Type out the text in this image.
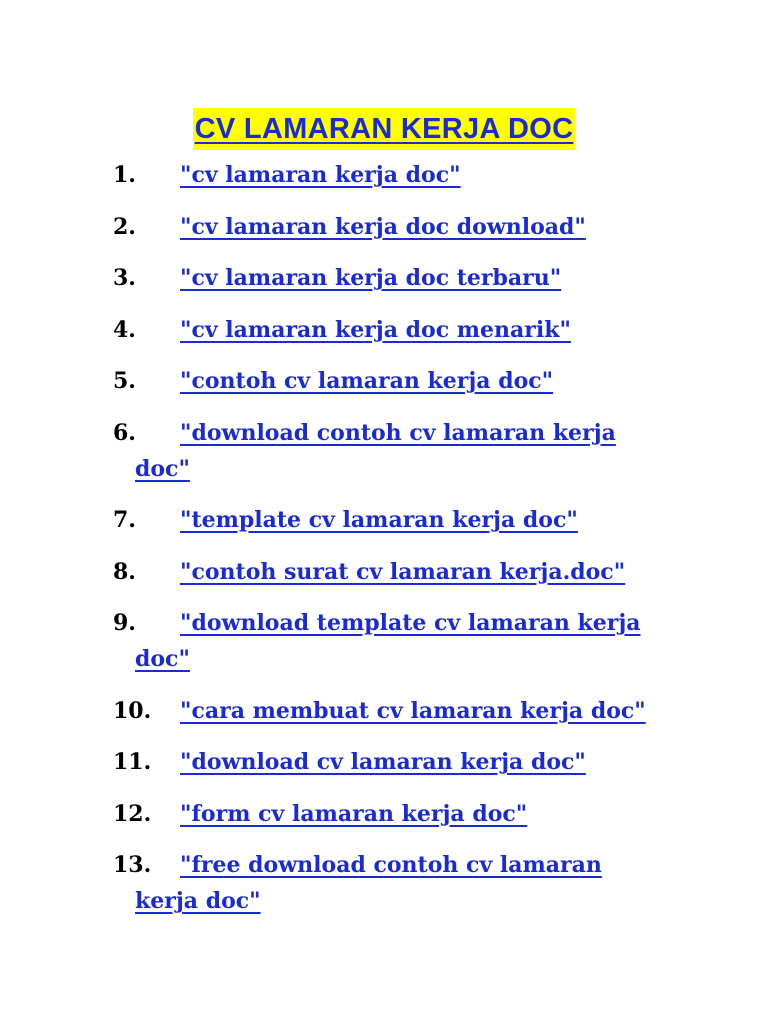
CV LAMARAN KERJA DOC
1. "cv lamaran kerja doc"
2. "cv lamaran kerja doc download"
3. "cv lamaran kerja doc terbaru"
4. "cv lamaran kerja doc menarik"
5. "contoh cv lamaran kerja doc"
6. "download contoh cv lamaran kerja
doc"
7. "template cv lamaran kerja doc"
8. "contoh surat cv lamaran kerja.doc"
9. "download template cv lamaran kerja
doc"
10. "cara membuat cv lamaran kerja doc"
11. "download cv lamaran kerja doc"
12. "form cv lamaran kerja doc"
13. "free download contoh cv lamaran
kerja doc"
